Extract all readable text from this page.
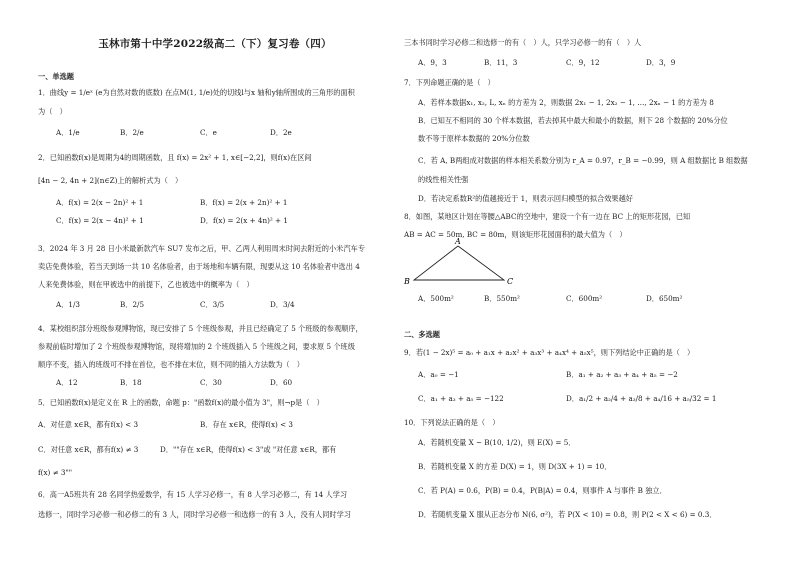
玉林市第十中学2022级高二（下）复习卷（四）
一、单选题
1．曲线y = 1/eˣ (e为自然对数的底数) 在点M(1, 1/e)处的切线l与x 轴和y轴所围成的三角形的面积
为（　）
A．1/e	B．2/e	C．e	D．2e
2．已知函数f(x)是周期为4的周期函数，且 f(x) = 2x² + 1, x∈[−2,2]，则f(x)在区间
[4n − 2, 4n + 2](n∈Z)上的解析式为（　）
A．f(x) = 2(x − 2n)² + 1	B．f(x) = 2(x + 2n)² + 1
C．f(x) = 2(x − 4n)² + 1	D．f(x) = 2(x + 4n)² + 1
3．2024 年 3 月 28 日小米最新款汽车 SU7 发布之后，甲、乙两人利用周末时间去附近的小米汽车专
卖店免费体验，若当天到场一共 10 名体验者，由于场地和车辆有限，现要从这 10 名体验者中选出 4
人来免费体验，则在甲被选中的前提下，乙也被选中的概率为（　）
A．1/3	B．2/5	C．3/5	D．3/4
4．某校组织部分班级参观博物馆，现已安排了 5 个班级参观，并且已经确定了 5 个班级的参观顺序，
参观前临时增加了 2 个班级参观博物馆，现将增加的 2 个班级插入 5 个班级之间，要求原 5 个班级
顺序不变，插入的班级可不排在首位，也不排在末位，则不同的插入方法数为（　）
A．12	B．18	C．30	D．60
5．已知函数f(x)是定义在 R 上的函数，命题 p："函数f(x)的最小值为 3"，则¬p是（　）
A．对任意 x∈R，都有f(x) < 3	B．存在 x∈R，使得f(x) < 3
C．对任意 x∈R，都有f(x) ≠ 3	D．""存在 x∈R，使得f(x) < 3"或 "对任意 x∈R，都有
f(x) ≠ 3""
6．高一A5班共有 28 名同学热爱数学，有 15 人学习必修一，有 8 人学习必修二，有 14 人学习
选修一，同时学习必修一和必修二的有 3 人，同时学习必修一和选修一的有 3 人，没有人同时学习
三本书同时学习必修二和选修一的有（　）人，只学习必修一的有（　）人
A．9，3	B．11，3	C．9，12	D．3，9
7．下列命题正确的是（　）
A．若样本数据x₁, x₂, L, xₙ 的方差为 2，则数据 2x₁ − 1, 2x₂ − 1, …, 2xₙ − 1 的方差为 8
B．已知互不相同的 30 个样本数据，若去掉其中最大和最小的数据，则下 28 个数据的 20%分位
数不等于原样本数据的 20%分位数
C．若 A, B两组成对数据的样本相关系数分别为 r_A = 0.97，r_B = −0.99，则 A 组数据比 B 组数据
的线性相关性强
D．若决定系数R²的值越接近于 1，则表示回归模型的拟合效果越好
8．如图，某地区计划在等腰△ABC的空地中，建设一个有一边在 BC 上的矩形花园，已知
AB = AC = 50m, BC = 80m，则该矩形花园面积的最大值为（　）
A
B	C
A．500m²	B．550m²	C．600m²	D．650m²
二、多选题
9．若(1 − 2x)⁵ = a₀ + a₁x + a₂x² + a₃x³ + a₄x⁴ + a₅x⁵，则下列结论中正确的是（　）
A．a₀ = −1	B．a₁ + a₂ + a₃ + a₄ + a₅ = −2
C．a₁ + a₃ + a₅ = −122	D．a₁/2 + a₂/4 + a₃/8 + a₄/16 + a₅/32 = 1
10．下列说法正确的是（　）
A．若随机变量 X ~ B(10, 1/2)，则 E(X) = 5．
B．若随机变量 X 的方差 D(X) = 1，则 D(3X + 1) = 10．
C．若 P(A) = 0.6，P(B) = 0.4，P(B|A) = 0.4，则事件 A 与事件 B 独立．
D．若随机变量 X 服从正态分布 N(6, σ²)，若 P(X < 10) = 0.8，则 P(2 < X < 6) = 0.3．
